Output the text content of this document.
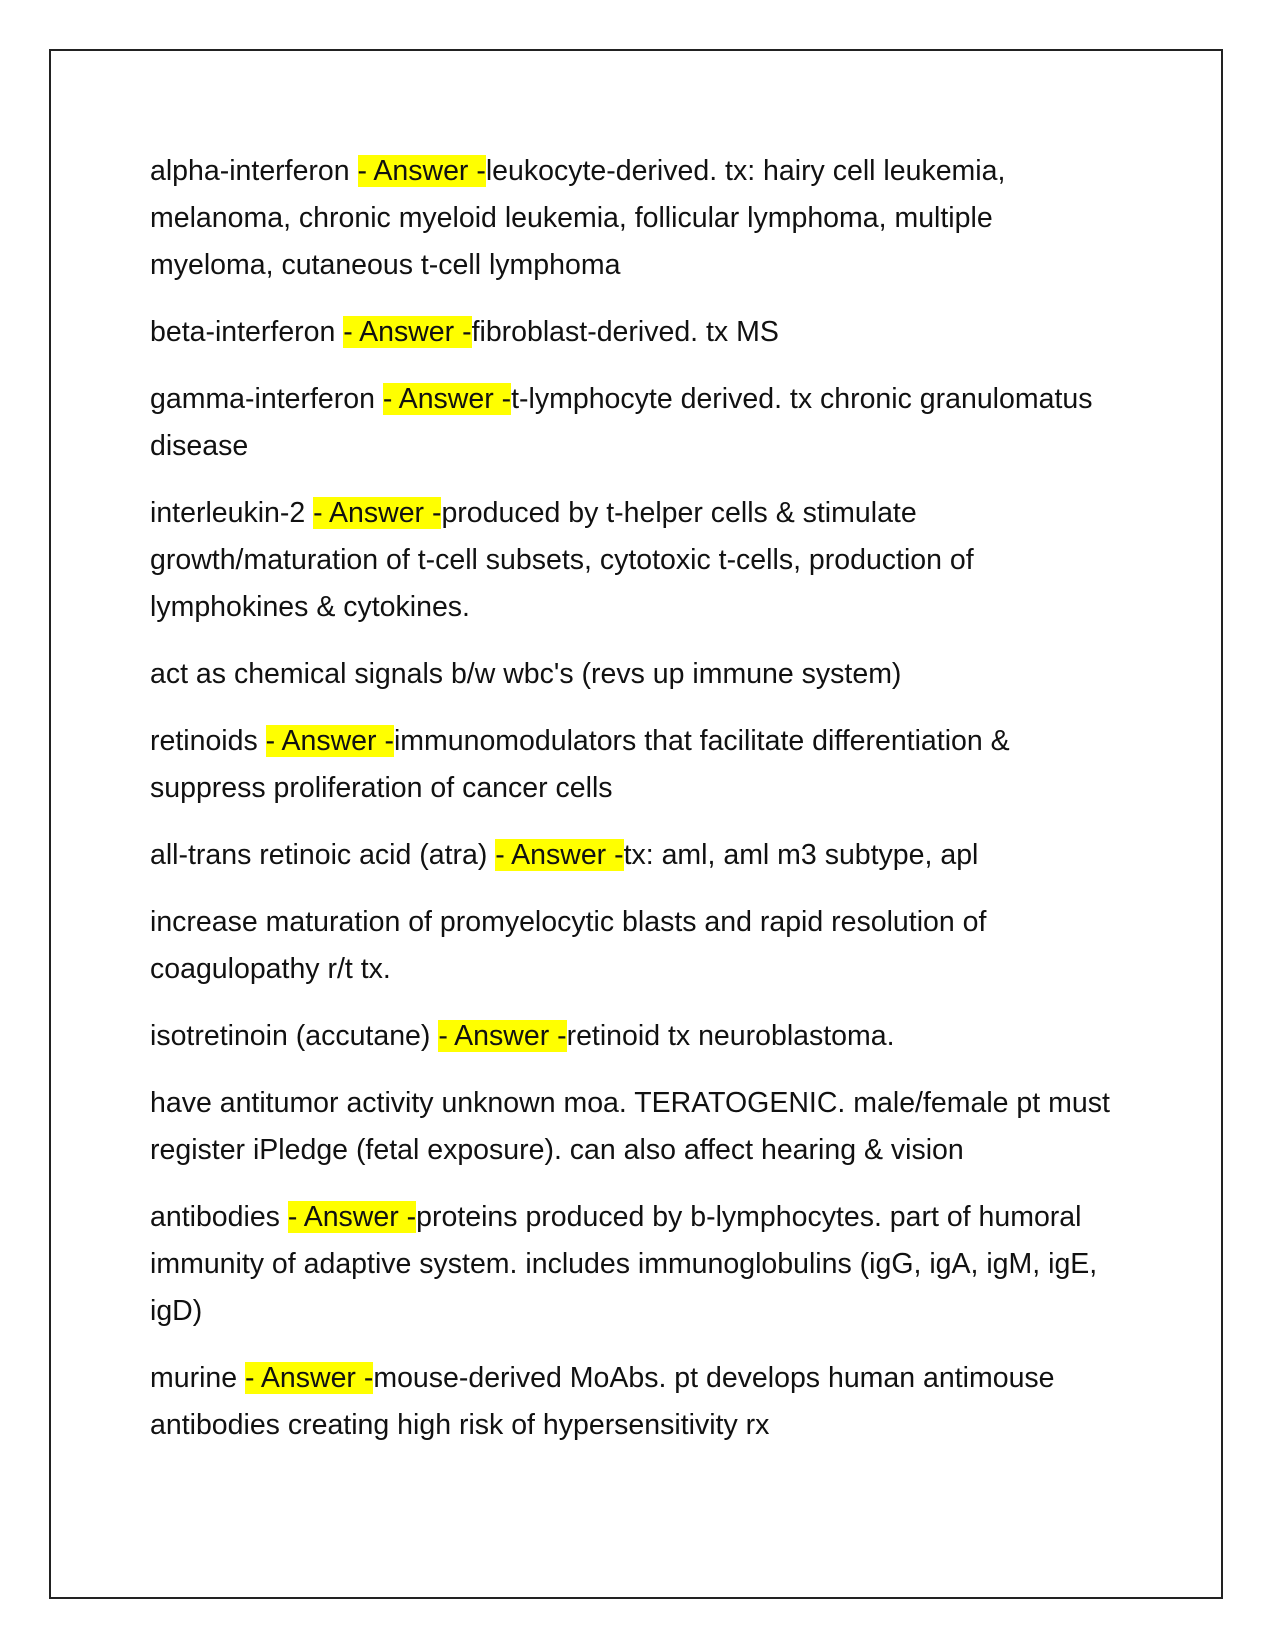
alpha-interferon - Answer -leukocyte-derived. tx: hairy cell leukemia, melanoma, chronic myeloid leukemia, follicular lymphoma, multiple myeloma, cutaneous t-cell lymphoma

beta-interferon - Answer -fibroblast-derived. tx MS

gamma-interferon - Answer -t-lymphocyte derived. tx chronic granulomatus disease

interleukin-2 - Answer -produced by t-helper cells & stimulate growth/maturation of t-cell subsets, cytotoxic t-cells, production of lymphokines & cytokines.

act as chemical signals b/w wbc's (revs up immune system)

retinoids - Answer -immunomodulators that facilitate differentiation & suppress proliferation of cancer cells

all-trans retinoic acid (atra) - Answer -tx: aml, aml m3 subtype, apl

increase maturation of promyelocytic blasts and rapid resolution of coagulopathy r/t tx.

isotretinoin (accutane) - Answer -retinoid tx neuroblastoma.

have antitumor activity unknown moa. TERATOGENIC. male/female pt must register iPledge (fetal exposure). can also affect hearing & vision

antibodies - Answer -proteins produced by b-lymphocytes. part of humoral immunity of adaptive system. includes immunoglobulins (igG, igA, igM, igE, igD)

murine - Answer -mouse-derived MoAbs. pt develops human antimouse antibodies creating high risk of hypersensitivity rx
